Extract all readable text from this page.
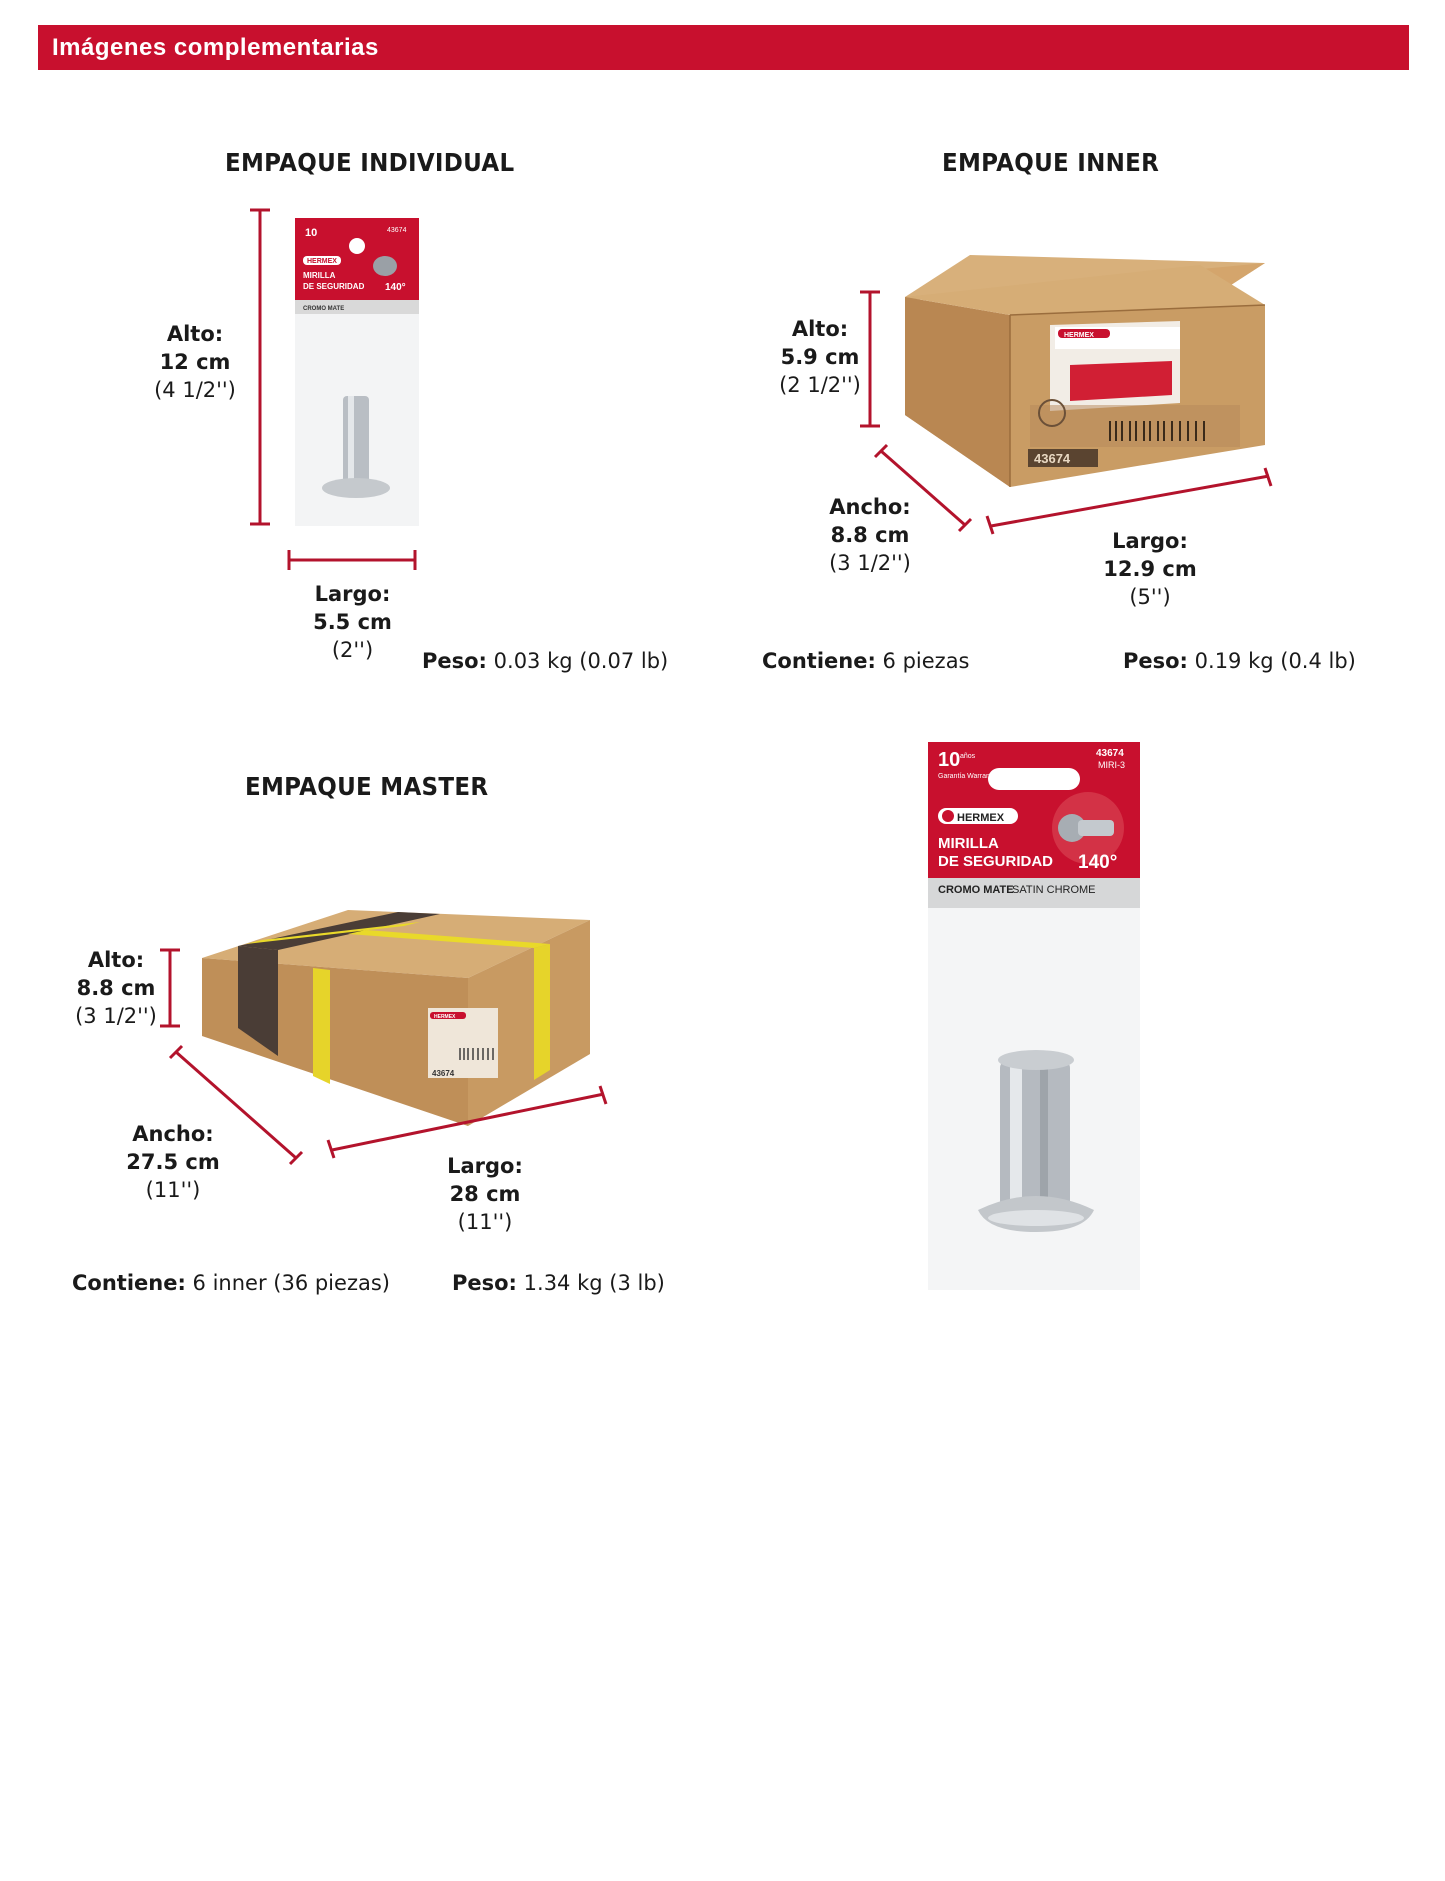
Imágenes complementarias
EMPAQUE INDIVIDUAL
Alto:
12 cm
(4 1/2'')
10	43674
HERMEX
MIRILLA
DE SEGURIDAD 140°
CROMO MATE
Largo:
5.5 cm
(2'')	Peso: 0.03 kg (0.07 lb)
EMPAQUE INNER
Alto:
5.9 cm
(2 1/2'')
HERMEX
43674
Ancho:
8.8 cm
(3 1/2'')
Largo:
12.9 cm
(5'')
Contiene: 6 piezas	Peso: 0.19 kg (0.4 lb)
EMPAQUE MASTER
Alto:
8.8 cm
(3 1/2'')	HERMEX
43674
Ancho:
27.5 cm
(11'')
Largo:
28 cm
(11'')
Contiene: 6 inner (36 piezas)	Peso: 1.34 kg (3 lb)
10 años
Garantía Warranty
43674
MIRI-3
HERMEX
MIRILLA
DE SEGURIDAD 140°
CROMO MATE
SATIN CHROME
